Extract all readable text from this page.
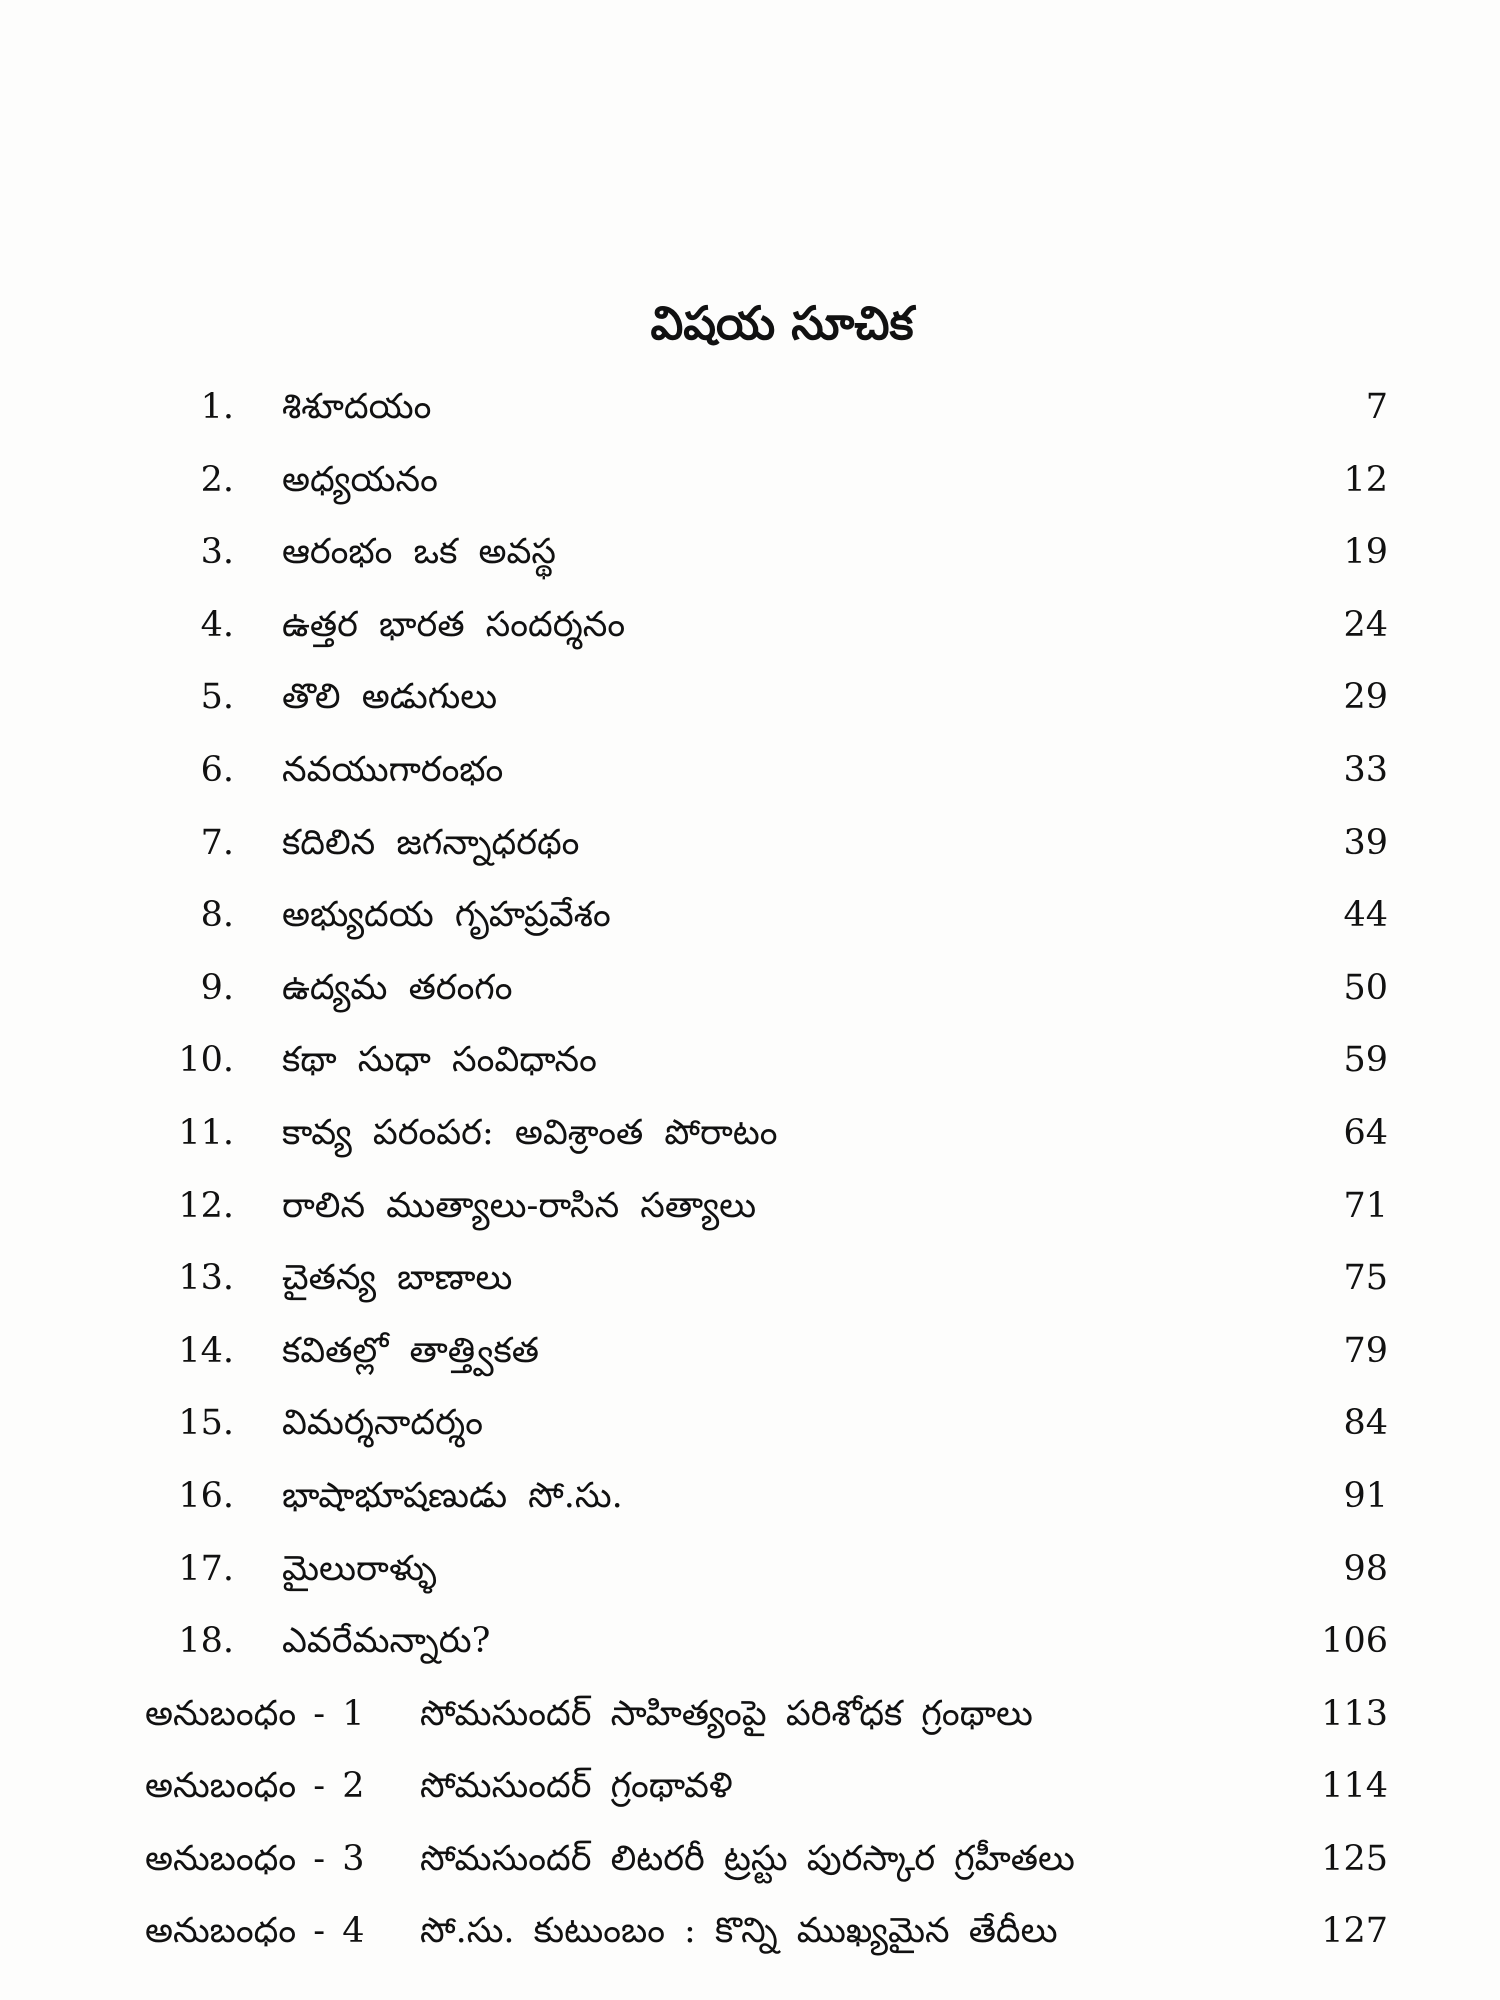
విషయ సూచిక
1. శిశూదయం	7
2. అధ్యయనం	12
3. ఆరంభం ఒక అవస్థ	19
4. ఉత్తర భారత సందర్శనం	24
5. తొలి అడుగులు	29
6. నవయుగారంభం	33
7. కదిలిన జగన్నాధరథం	39
8. అభ్యుదయ గృహప్రవేశం	44
9. ఉద్యమ తరంగం	50
10. కథా సుధా సంవిధానం	59
11. కావ్య పరంపర: అవిశ్రాంత పోరాటం	64
12. రాలిన ముత్యాలు-రాసిన సత్యాలు	71
13. చైతన్య బాణాలు	75
14. కవితల్లో తాత్త్వికత	79
15. విమర్శనాదర్శం	84
16. భాషాభూషణుడు సో.సు.	91
17. మైలురాళ్ళు	98
18. ఎవరేమన్నారు?	106
అనుబంధం - 1	సోమసుందర్ సాహిత్యంపై పరిశోధక గ్రంథాలు	113
అనుబంధం - 2	సోమసుందర్ గ్రంథావళి	114
అనుబంధం - 3	సోమసుందర్ లిటరరీ ట్రస్టు పురస్కార గ్రహీతలు	125
అనుబంధం - 4	సో.సు. కుటుంబం : కొన్ని ముఖ్యమైన తేదీలు	127
